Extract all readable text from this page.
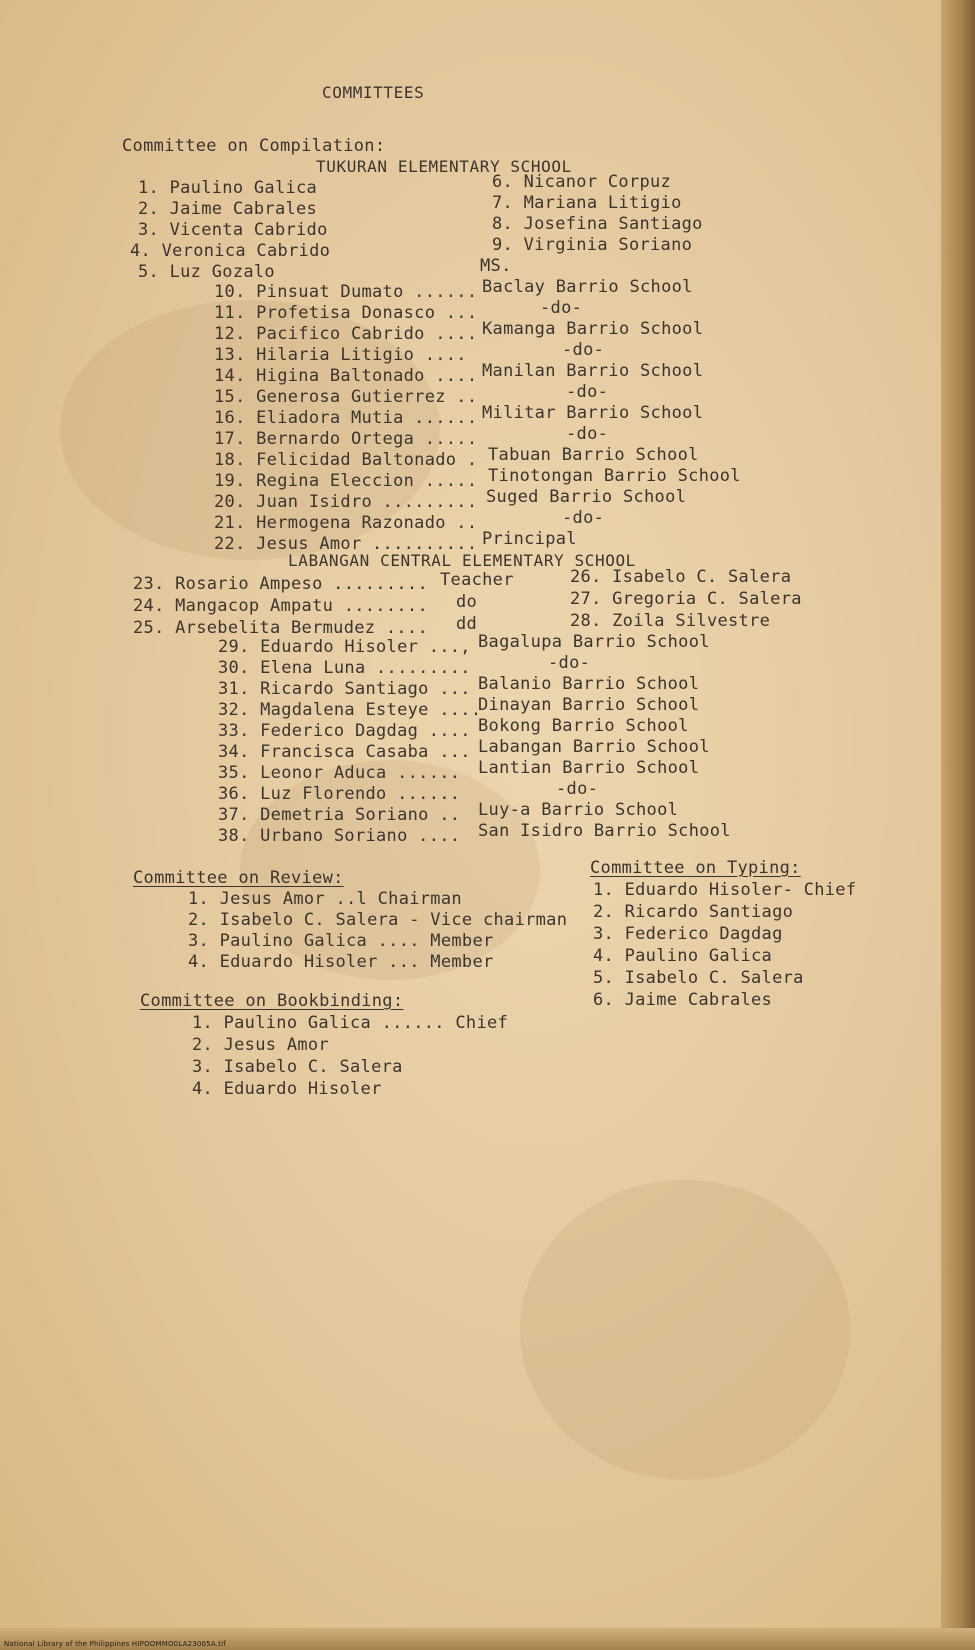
COMMITTEES
Committee on Compilation:
TUKURAN ELEMENTARY SCHOOL
1. Paulino Galica
2. Jaime Cabrales
3. Vicenta Cabrido
4. Veronica Cabrido
5. Luz Gozalo
6. Nicanor Corpuz
7. Mariana Litigio
8. Josefina Santiago
9. Virginia Soriano
MS.
10. Pinsuat Dumato ......
11. Profetisa Donasco ...
12. Pacifico Cabrido ....
13. Hilaria Litigio ....
14. Higina Baltonado ....
15. Generosa Gutierrez ..
16. Eliadora Mutia ......
17. Bernardo Ortega .....
18. Felicidad Baltonado .
19. Regina Eleccion .....
20. Juan Isidro .........
21. Hermogena Razonado ..
22. Jesus Amor ..........
Baclay Barrio School
-do-
Kamanga Barrio School
-do-
Manilan Barrio School
-do-
Militar Barrio School
-do-
Tabuan Barrio School
Tinotongan Barrio School
Suged Barrio School
-do-
Principal
LABANGAN CENTRAL ELEMENTARY SCHOOL
23. Rosario Ampeso .........
24. Mangacop Ampatu ........
25. Arsebelita Bermudez ....
Teacher
do
dd
26. Isabelo C. Salera
27. Gregoria C. Salera
28. Zoila Silvestre
29. Eduardo Hisoler ...,
30. Elena Luna .........
31. Ricardo Santiago ...
32. Magdalena Esteye ....
33. Federico Dagdag ....
34. Francisca Casaba ...
35. Leonor Aduca ......
36. Luz Florendo ......
37. Demetria Soriano ..
38. Urbano Soriano ....
Bagalupa Barrio School
-do-
Balanio Barrio School
Dinayan Barrio School
Bokong Barrio School
Labangan Barrio School
Lantian Barrio School
-do-
Luy-a Barrio School
San Isidro Barrio School
Committee on Review:
1. Jesus Amor ..l Chairman
2. Isabelo C. Salera - Vice chairman
3. Paulino Galica .... Member
4. Eduardo Hisoler ... Member
Committee on Typing:
1. Eduardo Hisoler- Chief
2. Ricardo Santiago
3. Federico Dagdag
4. Paulino Galica
5. Isabelo C. Salera
6. Jaime Cabrales
Committee on Bookbinding:
1. Paulino Galica ...... Chief
2. Jesus Amor
3. Isabelo C. Salera
4. Eduardo Hisoler
National Library of the Philippines HIPOOMMO0LA23005A.tif
